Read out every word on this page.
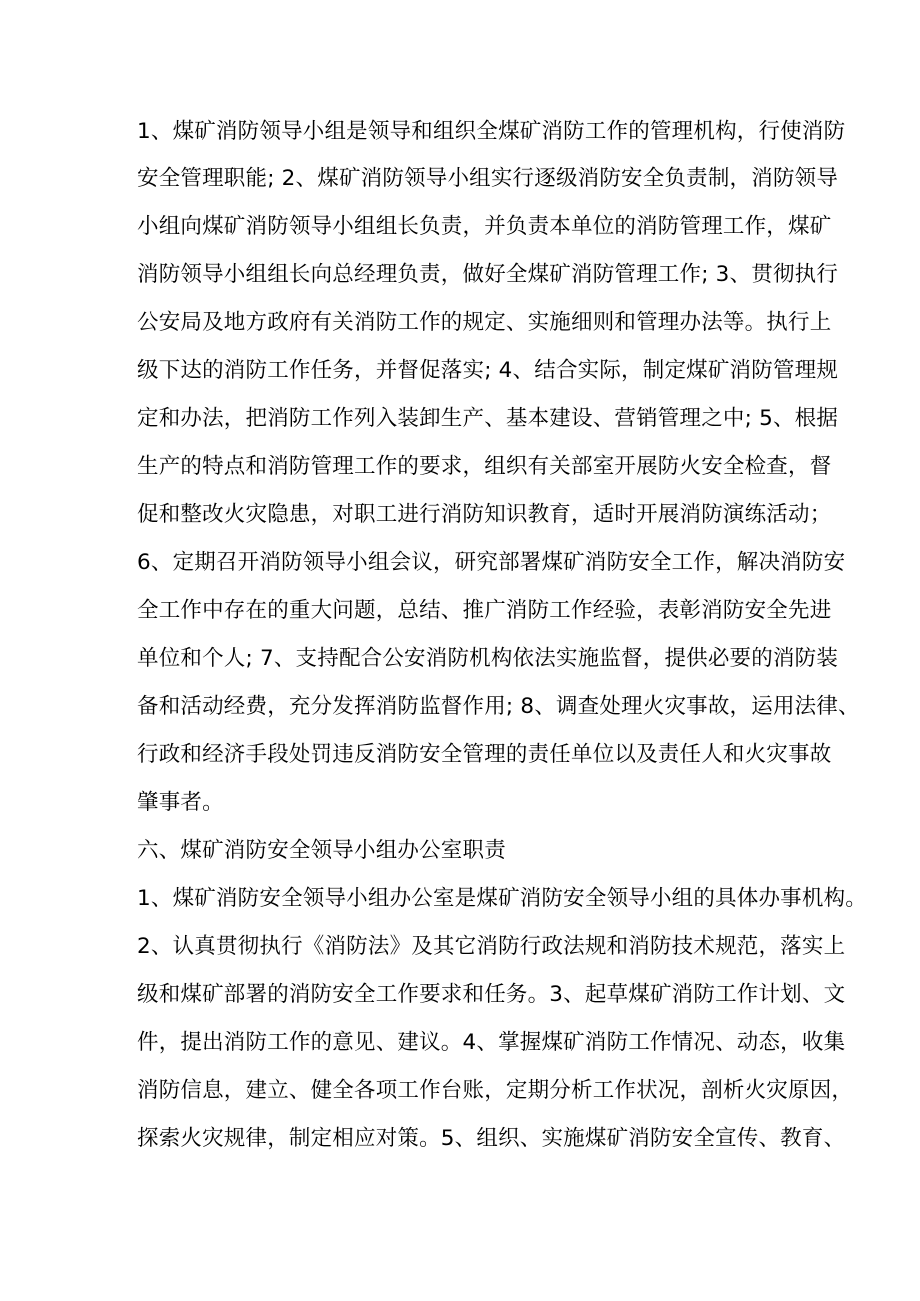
1、煤矿消防领导小组是领导和组织全煤矿消防工作的管理机构，行使消防
安全管理职能; 2、煤矿消防领导小组实行逐级消防安全负责制，消防领导
小组向煤矿消防领导小组组长负责，并负责本单位的消防管理工作，煤矿
消防领导小组组长向总经理负责，做好全煤矿消防管理工作; 3、贯彻执行
公安局及地方政府有关消防工作的规定、实施细则和管理办法等。执行上
级下达的消防工作任务，并督促落实; 4、结合实际，制定煤矿消防管理规
定和办法，把消防工作列入装卸生产、基本建设、营销管理之中; 5、根据
生产的特点和消防管理工作的要求，组织有关部室开展防火安全检查，督
促和整改火灾隐患，对职工进行消防知识教育，适时开展消防演练活动；
6、定期召开消防领导小组会议，研究部署煤矿消防安全工作，解决消防安
全工作中存在的重大问题，总结、推广消防工作经验，表彰消防安全先进
单位和个人; 7、支持配合公安消防机构依法实施监督，提供必要的消防装
备和活动经费，充分发挥消防监督作用; 8、调查处理火灾事故，运用法律、
行政和经济手段处罚违反消防安全管理的责任单位以及责任人和火灾事故
肇事者。
六、煤矿消防安全领导小组办公室职责
1、煤矿消防安全领导小组办公室是煤矿消防安全领导小组的具体办事机构。
2、认真贯彻执行《消防法》及其它消防行政法规和消防技术规范，落实上
级和煤矿部署的消防安全工作要求和任务。3、起草煤矿消防工作计划、文
件，提出消防工作的意见、建议。4、掌握煤矿消防工作情况、动态，收集
消防信息，建立、健全各项工作台账，定期分析工作状况，剖析火灾原因，
探索火灾规律，制定相应对策。5、组织、实施煤矿消防安全宣传、教育、
